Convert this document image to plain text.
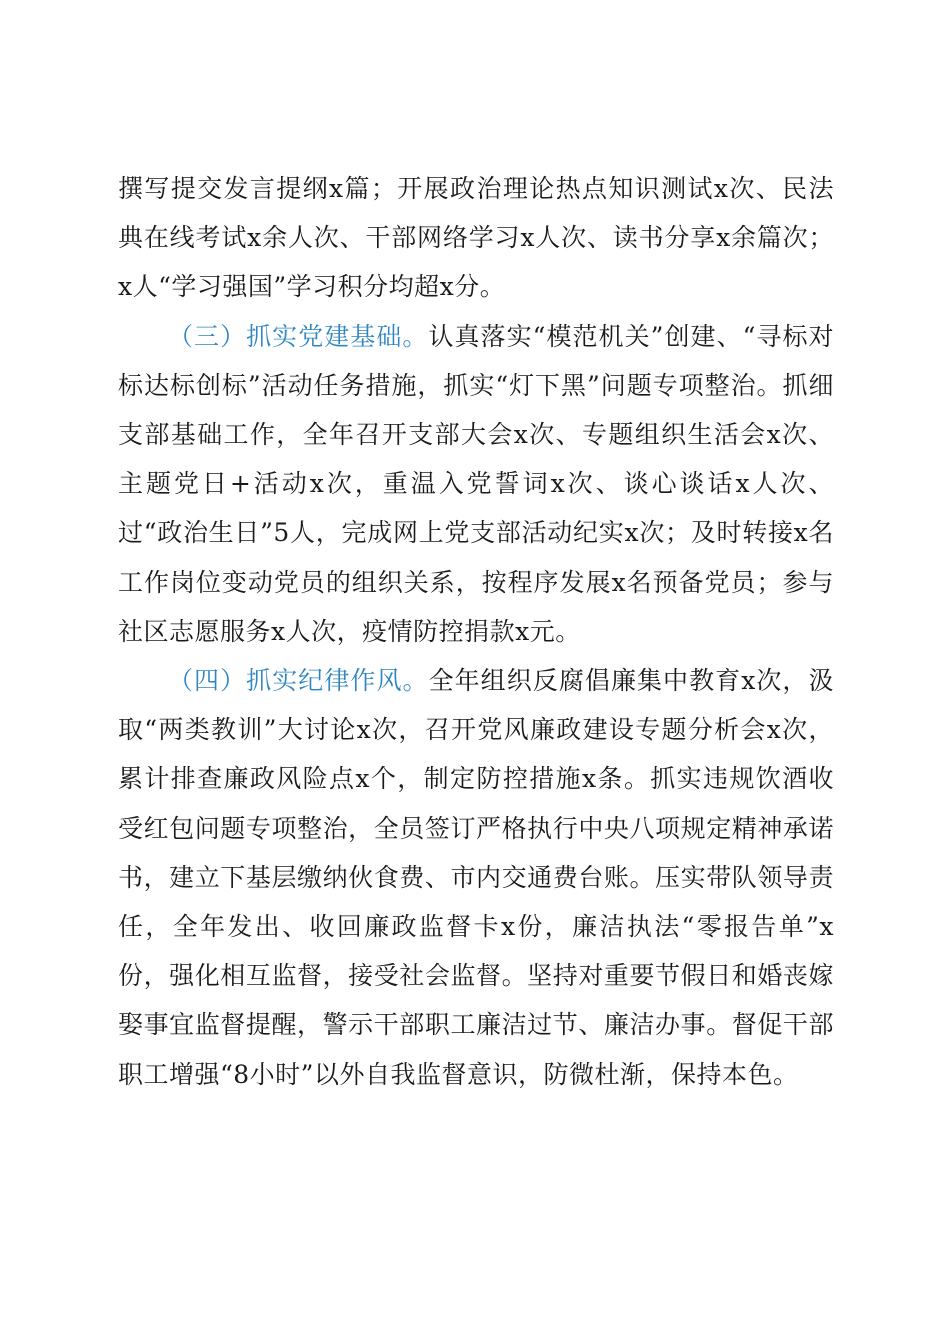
撰写提交发言提纲x篇；开展政治理论热点知识测试x次、民法典在线考试x余人次、干部网络学习x人次、读书分享x余篇次；x人“学习强国”学习积分均超x分。

（三）抓实党建基础。认真落实“模范机关”创建、“寻标对标达标创标”活动任务措施，抓实“灯下黑”问题专项整治。抓细支部基础工作，全年召开支部大会x次、专题组织生活会x次、主题党日+活动x次，重温入党誓词x次、谈心谈话x人次、过“政治生日”5人，完成网上党支部活动纪实x次；及时转接x名工作岗位变动党员的组织关系，按程序发展x名预备党员；参与社区志愿服务x人次，疫情防控捐款x元。

（四）抓实纪律作风。全年组织反腐倡廉集中教育x次，汲取“两类教训”大讨论x次，召开党风廉政建设专题分析会x次，累计排查廉政风险点x个，制定防控措施x条。抓实违规饮酒收受红包问题专项整治，全员签订严格执行中央八项规定精神承诺书，建立下基层缴纳伙食费、市内交通费台账。压实带队领导责任，全年发出、收回廉政监督卡x份，廉洁执法“零报告单”x份，强化相互监督，接受社会监督。坚持对重要节假日和婚丧嫁娶事宜监督提醒，警示干部职工廉洁过节、廉洁办事。督促干部职工增强“8小时”以外自我监督意识，防微杜渐，保持本色。
